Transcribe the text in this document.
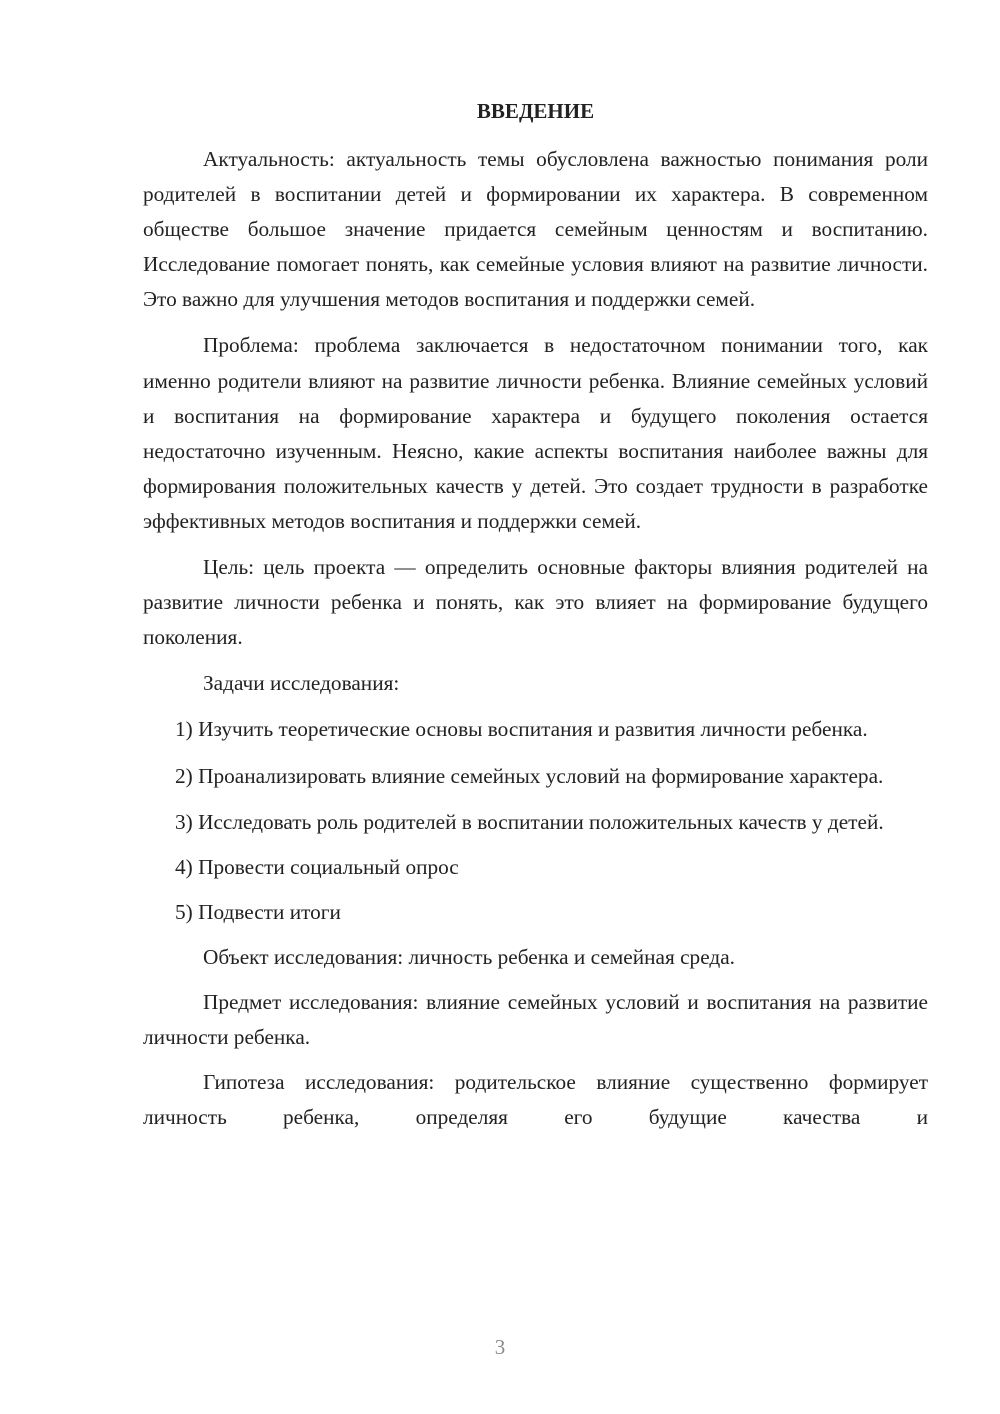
ВВЕДЕНИЕ

Актуальность: актуальность темы обусловлена важностью понимания роли родителей в воспитании детей и формировании их характера. В современном обществе большое значение придается семейным ценностям и воспитанию. Исследование помогает понять, как семейные условия влияют на развитие личности. Это важно для улучшения методов воспитания и поддержки семей.

Проблема: проблема заключается в недостаточном понимании того, как именно родители влияют на развитие личности ребенка. Влияние семейных условий и воспитания на формирование характера и будущего поколения остается недостаточно изученным. Неясно, какие аспекты воспитания наиболее важны для формирования положительных качеств у детей. Это создает трудности в разработке эффективных методов воспитания и поддержки семей.

Цель: цель проекта — определить основные факторы влияния родителей на развитие личности ребенка и понять, как это влияет на формирование будущего поколения.

Задачи исследования:

1) Изучить теоретические основы воспитания и развития личности ребенка.

2) Проанализировать влияние семейных условий на формирование характера.

3) Исследовать роль родителей в воспитании положительных качеств у детей.

4) Провести социальный опрос

5) Подвести итоги

Объект исследования: личность ребенка и семейная среда.

Предмет исследования: влияние семейных условий и воспитания на развитие личности ребенка.

Гипотеза исследования: родительское влияние существенно формирует личность ребенка, определяя его будущие качества и

3
